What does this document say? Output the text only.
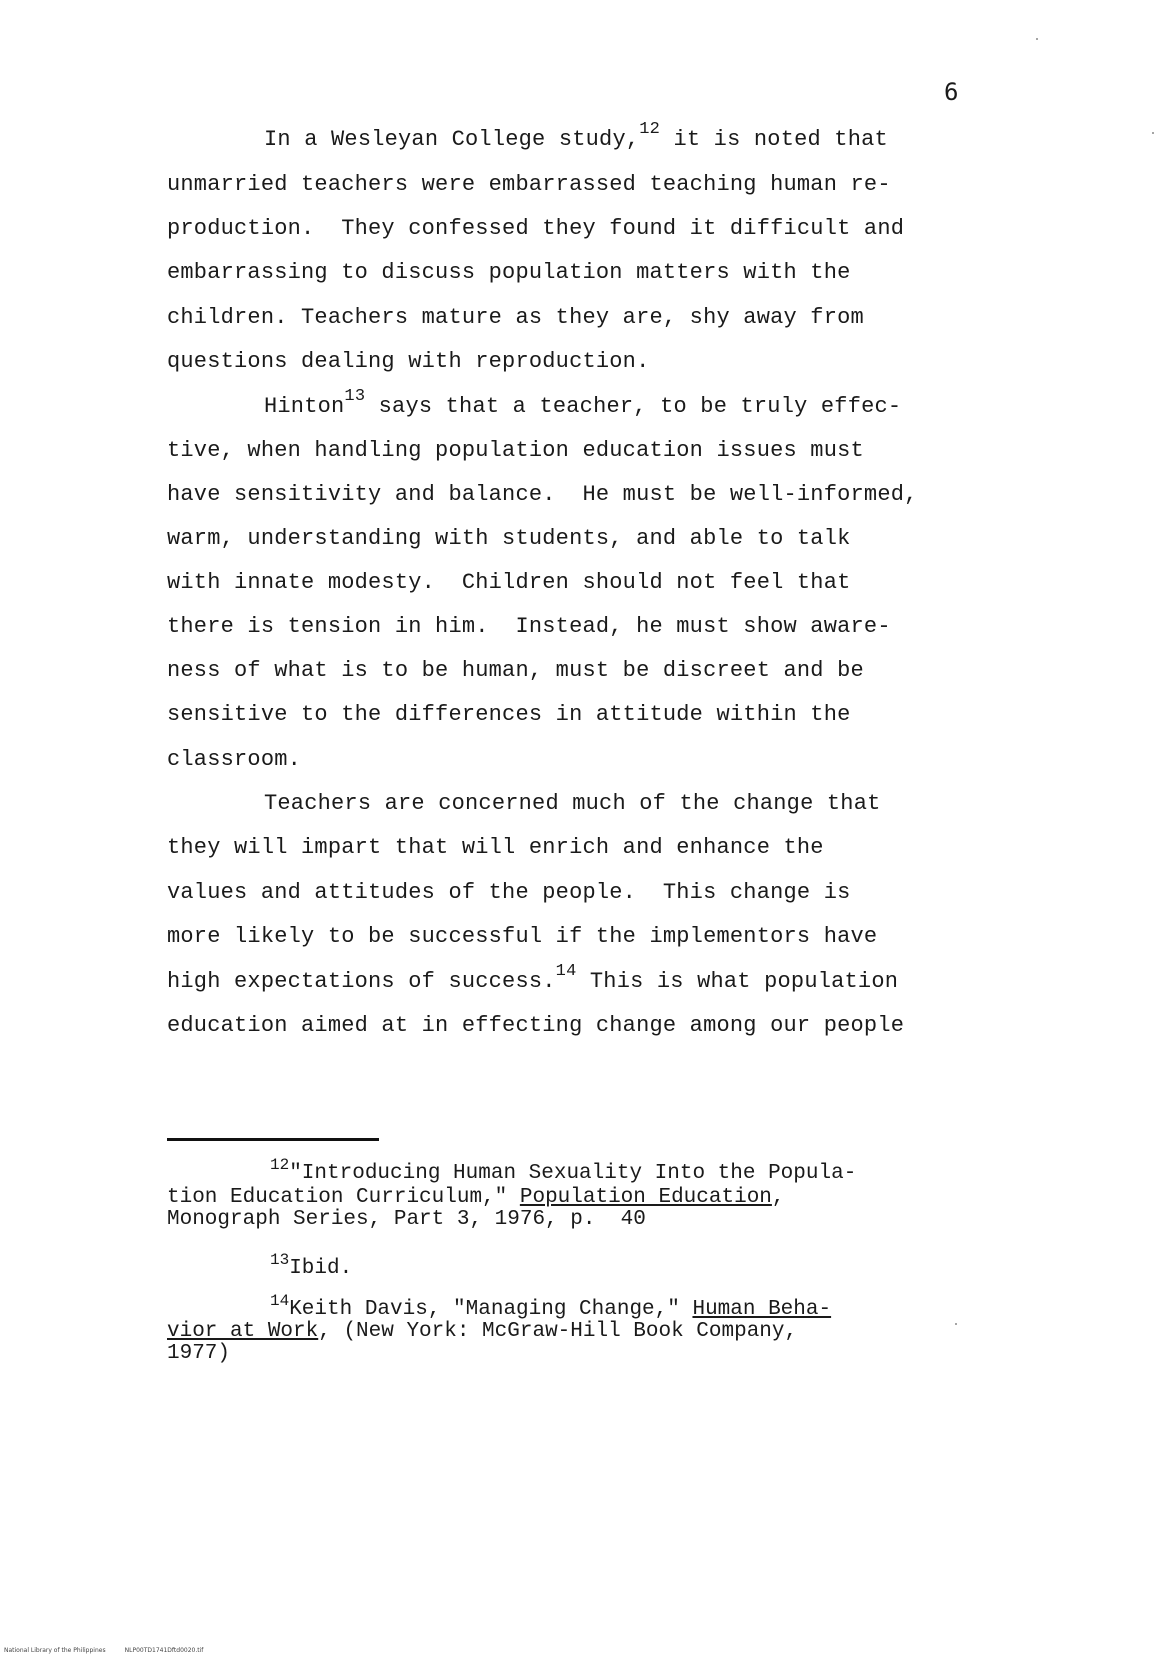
6
In a Wesleyan College study,$^{12}$ it is noted that
unmarried teachers were embarrassed teaching human re-
production.  They confessed they found it difficult and
embarrassing to discuss population matters with the
children. Teachers mature as they are, shy away from
questions dealing with reproduction.
Hinton$^{13}$ says that a teacher, to be truly effec-
tive, when handling population education issues must
have sensitivity and balance.  He must be well-informed,
warm, understanding with students, and able to talk
with innate modesty.  Children should not feel that
there is tension in him.  Instead, he must show aware-
ness of what is to be human, must be discreet and be
sensitive to the differences in attitude within the
classroom.
Teachers are concerned much of the change that
they will impart that will enrich and enhance the
values and attitudes of the people.  This change is
more likely to be successful if the implementors have
high expectations of success.$^{14}$ This is what population
education aimed at in effecting change among our people
$^{12}$"Introducing Human Sexuality Into the Popula-
tion Education Curriculum," Population Education,
Monograph Series, Part 3, 1976, p.  40
$^{13}$Ibid.
$^{14}$Keith Davis, "Managing Change," Human Beha-
vior at Work, (New York: McGraw-Hill Book Company,
1977)
National Library of the Philippines	NLP00TD1741Dftd0020.tif
